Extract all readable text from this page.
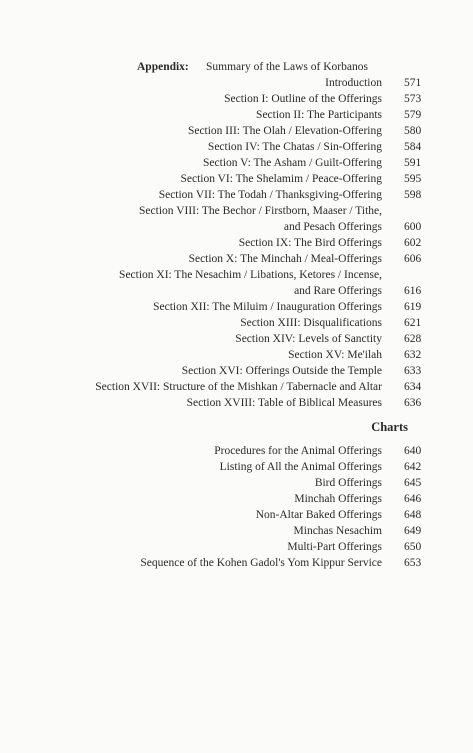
Appendix: Summary of the Laws of Korbanos
Introduction 571
Section I: Outline of the Offerings 573
Section II: The Participants 579
Section III: The Olah / Elevation-Offering 580
Section IV: The Chatas / Sin-Offering 584
Section V: The Asham / Guilt-Offering 591
Section VI: The Shelamim / Peace-Offering 595
Section VII: The Todah / Thanksgiving-Offering 598
Section VIII: The Bechor / Firstborn, Maaser / Tithe,
and Pesach Offerings 600
Section IX: The Bird Offerings 602
Section X: The Minchah / Meal-Offerings 606
Section XI: The Nesachim / Libations, Ketores / Incense,
and Rare Offerings 616
Section XII: The Miluim / Inauguration Offerings 619
Section XIII: Disqualifications 621
Section XIV: Levels of Sanctity 628
Section XV: Me'ilah 632
Section XVI: Offerings Outside the Temple 633
Section XVII: Structure of the Mishkan / Tabernacle and Altar 634
Section XVIII: Table of Biblical Measures 636
Charts
Procedures for the Animal Offerings 640
Listing of All the Animal Offerings 642
Bird Offerings 645
Minchah Offerings 646
Non-Altar Baked Offerings 648
Minchas Nesachim 649
Multi-Part Offerings 650
Sequence of the Kohen Gadol's Yom Kippur Service 653
